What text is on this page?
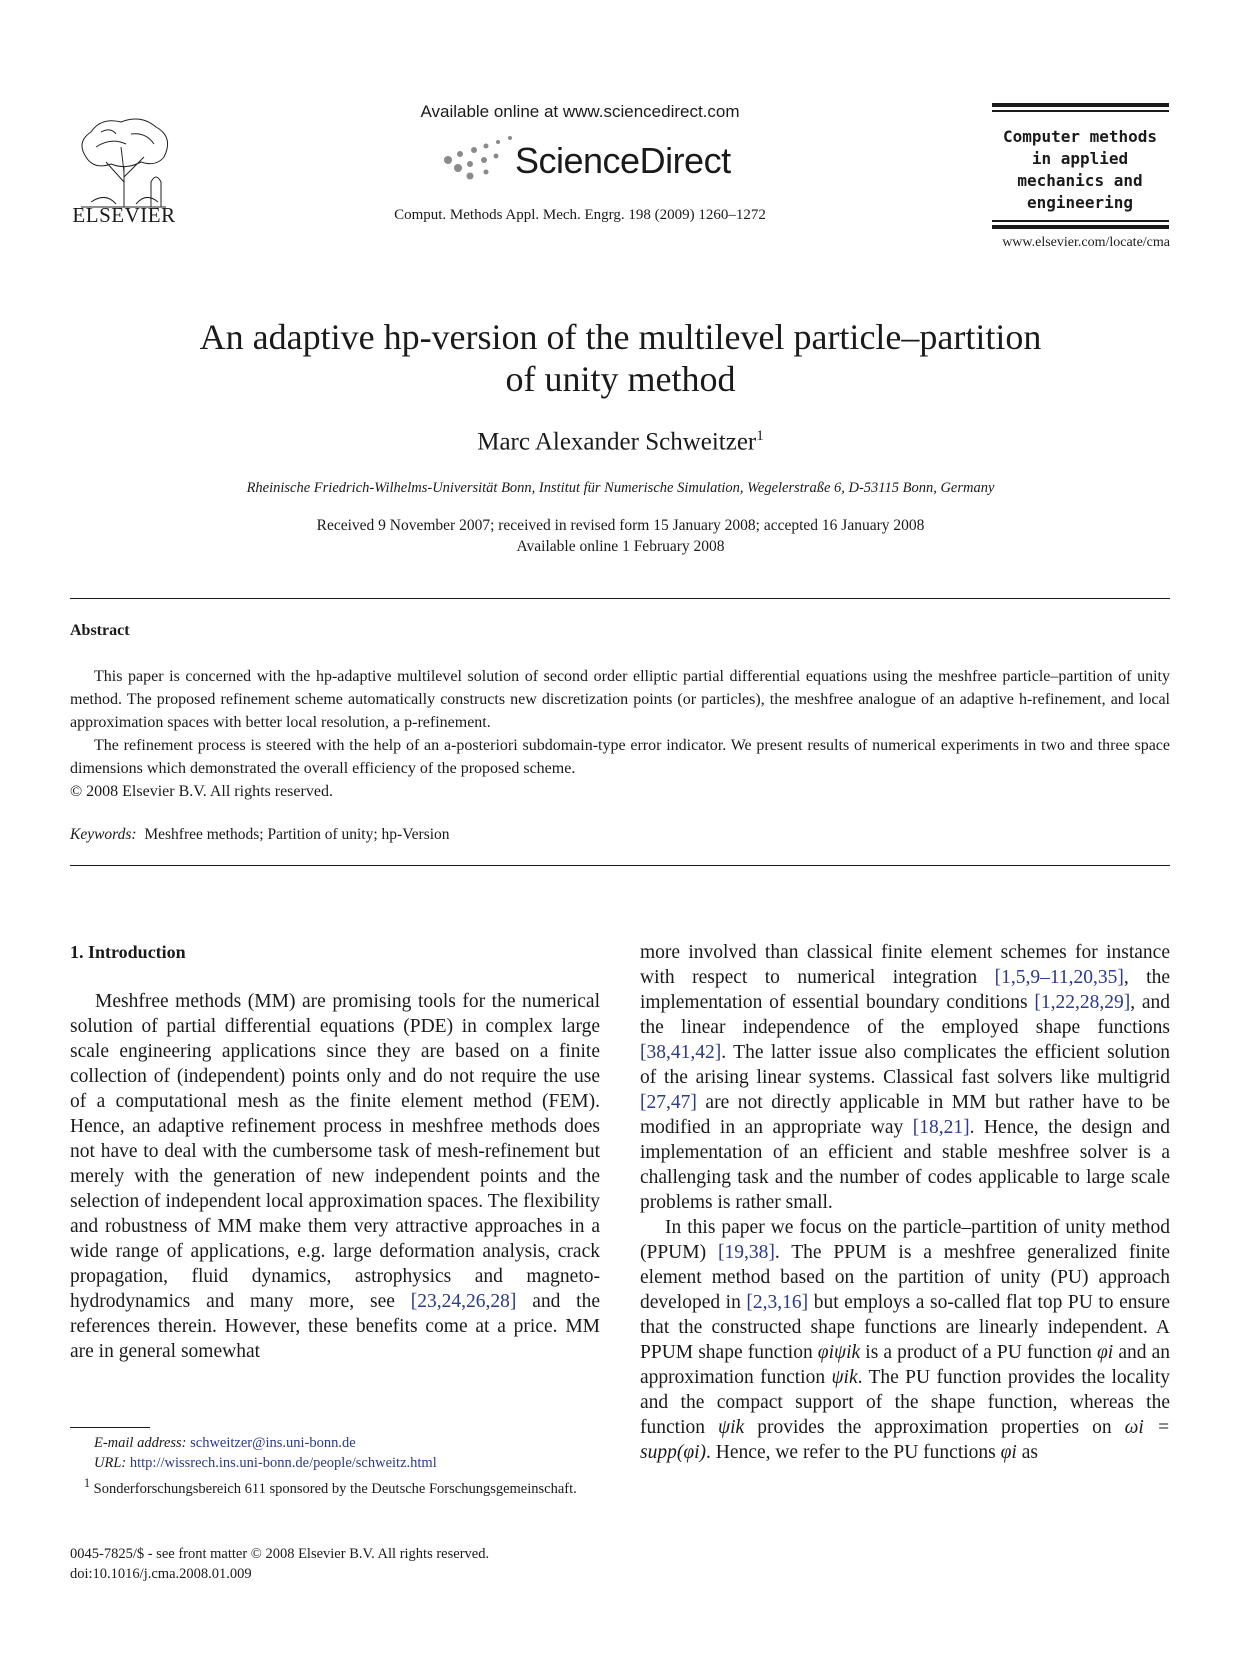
ELSEVIER
Available online at www.sciencedirect.com
ScienceDirect
Comput. Methods Appl. Mech. Engrg. 198 (2009) 1260–1272
Computer methods
in applied
mechanics and
engineering
www.elsevier.com/locate/cma
An adaptive hp-version of the multilevel particle–partition
of unity method
Marc Alexander Schweitzer$^1$
Rheinische Friedrich-Wilhelms-Universität Bonn, Institut für Numerische Simulation, Wegelerstraße 6, D-53115 Bonn, Germany
Received 9 November 2007; received in revised form 15 January 2008; accepted 16 January 2008
Available online 1 February 2008
Abstract

This paper is concerned with the hp-adaptive multilevel solution of second order elliptic partial differential equations using the meshfree particle–partition of unity method. The proposed refinement scheme automatically constructs new discretization points (or particles), the meshfree analogue of an adaptive h-refinement, and local approximation spaces with better local resolution, a p-refinement.

The refinement process is steered with the help of an a-posteriori subdomain-type error indicator. We present results of numerical experiments in two and three space dimensions which demonstrated the overall efficiency of the proposed scheme.

© 2008 Elsevier B.V. All rights reserved.

Keywords: Meshfree methods; Partition of unity; hp-Version

1. Introduction

Meshfree methods (MM) are promising tools for the numerical solution of partial differential equations (PDE) in complex large scale engineering applications since they are based on a finite collection of (independent) points only and do not require the use of a computational mesh as the finite element method (FEM). Hence, an adaptive refinement process in meshfree methods does not have to deal with the cumbersome task of mesh-refinement but merely with the generation of new independent points and the selection of independent local approximation spaces. The flexibility and robustness of MM make them very attractive approaches in a wide range of applications, e.g. large deformation analysis, crack propagation, fluid dynamics, astrophysics and magneto-hydrodynamics and many more, see [23,24,26,28] and the references therein. However, these benefits come at a price. MM are in general somewhat

E-mail address: schweitzer@ins.uni-bonn.de
URL: http://wissrech.ins.uni-bonn.de/people/schweitz.html
$^1$ Sonderforschungsbereich 611 sponsored by the Deutsche Forschungsgemeinschaft.
0045-7825/$ - see front matter © 2008 Elsevier B.V. All rights reserved.
doi:10.1016/j.cma.2008.01.009

more involved than classical finite element schemes for instance with respect to numerical integration [1,5,9–11,20,35], the implementation of essential boundary conditions [1,22,28,29], and the linear independence of the employed shape functions [38,41,42]. The latter issue also complicates the efficient solution of the arising linear systems. Classical fast solvers like multigrid [27,47] are not directly applicable in MM but rather have to be modified in an appropriate way [18,21]. Hence, the design and implementation of an efficient and stable meshfree solver is a challenging task and the number of codes applicable to large scale problems is rather small.

In this paper we focus on the particle–partition of unity method (PPUM) [19,38]. The PPUM is a meshfree generalized finite element method based on the partition of unity (PU) approach developed in [2,3,16] but employs a so-called flat top PU to ensure that the constructed shape functions are linearly independent. A PPUM shape function φiψik is a product of a PU function φi and an approximation function ψik. The PU function provides the locality and the compact support of the shape function, whereas the function ψik provides the approximation properties on ωi = supp(φi). Hence, we refer to the PU functions φi as
